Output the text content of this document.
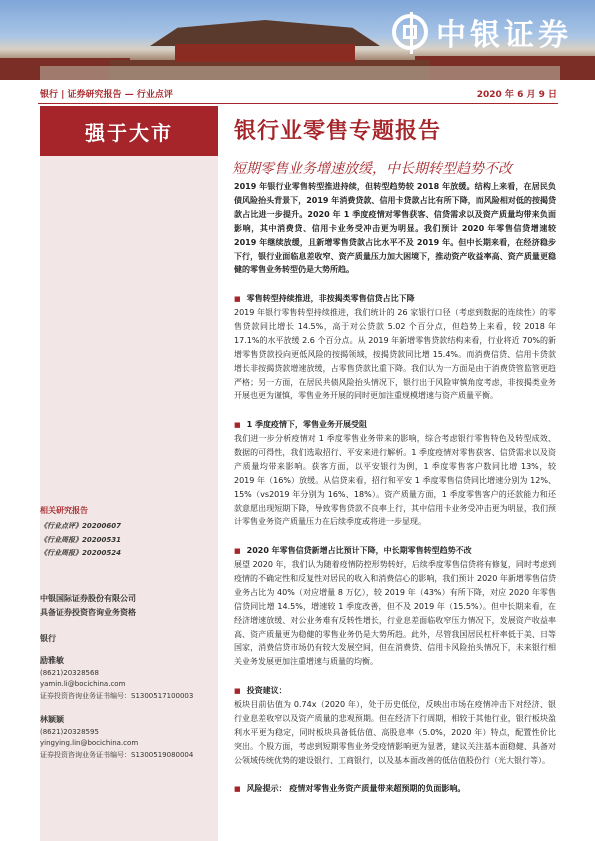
中银证券
银行 | 证券研究报告 — 行业点评	2020 年 6 月 9 日
强于大市	银行业零售专题报告
短期零售业务增速放缓，中长期转型趋势不改
2019 年银行业零售转型推进持续，但转型趋势较 2018 年放缓。结构上来看，在居民负债风险抬头背景下，2019 年消费贷款、信用卡贷款占比有所下降，而风险相对低的按揭贷款占比进一步提升。2020 年 1 季度疫情对零售获客、信贷需求以及资产质量均带来负面影响，其中消费贷、信用卡业务受冲击更为明显。我们预计 2020 年零售信贷增速较 2019 年继续放缓，且新增零售贷款占比水平不及 2019 年。但中长期来看，在经济稳步下行，银行业面临息差收窄、资产质量压力加大困境下，推动资产收益率高、资产质量更稳健的零售业务转型仍是大势所趋。
■ 零售转型持续推进，非按揭类零售信贷占比下降
2019 年银行零售转型持续推进，我们统计的 26 家银行口径（考虑到数据的连续性）的零售贷款同比增长 14.5%，高于对公贷款 5.02 个百分点，但趋势上来看，较 2018 年 17.1%的水平放缓 2.6 个百分点。从 2019 年新增零售贷款结构来看，行业将近 70%的新增零售贷款投向更低风险的按揭领域，按揭贷款同比增 15.4%。而消费信贷、信用卡贷款增长非按揭贷款增速放缓，占零售贷款比重下降。我们认为一方面是由于消费贷管监管更趋严格；另一方面，在居民共债风险抬头情况下，银行出于风险审慎角度考虑，非按揭类业务开展也更为谨慎，零售业务开展的同时更加注重规模增速与资产质量平衡。
■ 1 季度疫情下，零售业务开展受阻
我们进一步分析疫情对 1 季度零售业务带来的影响，综合考虑银行零售特色及转型成效、数据的可得性，我们选取招行、平安来进行解析。1 季度疫情对零售获客、信贷需求以及资产质量均带来影响。获客方面，以平安银行为例，1 季度零售客户数同比增 13%，较 2019 年（16%）放缓。从信贷来看，招行和平安 1 季度零售信贷同比增速分别为 12%、15%（vs2019 年分别为 16%、18%）。资产质量方面，1 季度零售客户的还款能力和还款意愿出现短期下降，导致零售贷款不良率上行，其中信用卡业务受冲击更为明显，我们预计零售业务资产质量压力在后续季度或将进一步显现。
■ 2020 年零售信贷新增占比预计下降，中长期零售转型趋势不改
展望 2020 年，我们认为随着疫情防控形势转好，后续季度零售信贷将有修复，同时考虑到疫情的不确定性和反复性对居民的收入和消费信心的影响，我们预计 2020 年新增零售信贷业务占比为 40%（对应增量 8 万亿），较 2019 年（43%）有所下降，对应 2020 年零售信贷同比增 14.5%，增速较 1 季度改善，但不及 2019 年（15.5%）。但中长期来看，在经济增速放缓、对公业务难有反转性增长，行业息差面临收窄压力情况下，发展资产收益率高、资产质量更为稳健的零售业务仍是大势所趋。此外，尽管我国居民杠杆率低于美、日等国家，消费信贷市场仍有较大发展空间，但在消费贷、信用卡风险抬头情况下，未来银行相关业务发展更加注重增速与质量的均衡。
■ 投资建议：
板块目前估值为 0.74x（2020 年），处于历史低位，反映出市场在疫情冲击下对经济、银行业息差收窄以及资产质量的悲观预期。但在经济下行周期，相较于其他行业，银行板块盈利水平更为稳定，同时板块具备低估值、高股息率（5.0%，2020 年）特点，配置性价比突出。个股方面，考虑到短期零售业务受疫情影响更为显著，建议关注基本面稳健、具备对公领域传统优势的建设银行、工商银行，以及基本面改善的低估值股份行（光大银行等）。
■ 风险提示： 疫情对零售业务资产质量带来超预期的负面影响。
相关研究报告
《行业点评》20200607
《行业周报》20200531
《行业周报》20200524
中银国际证券股份有限公司
具备证券投资咨询业务资格
银行
励雅敏
(8621)20328568
yamin.li@bocichina.com
证券投资咨询业务证书编号：S1300517100003
林颖颖
(8621)20328595
yingying.lin@bocichina.com
证券投资咨询业务证书编号：S1300519080004
